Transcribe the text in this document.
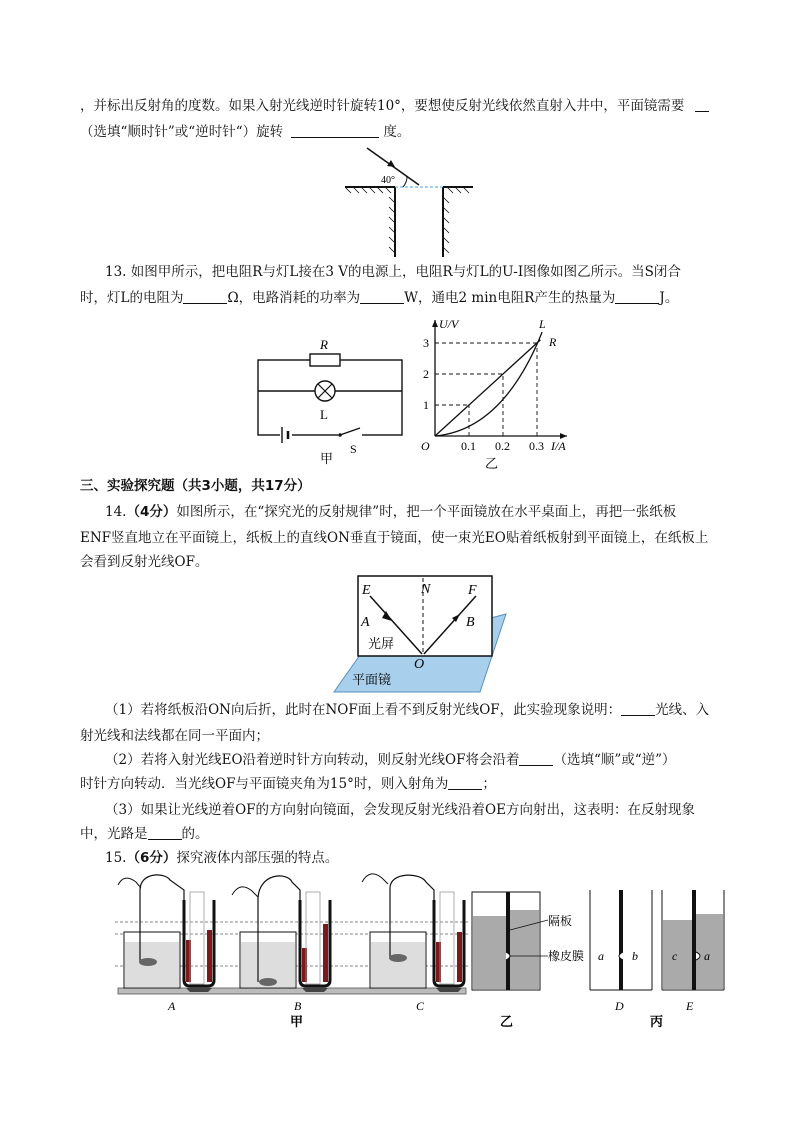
，并标出反射角的度数。如果入射光线逆时针旋转10°，要想使反射光线依然直射入井中，平面镜需要
（选填“顺时针”或“逆时针“）旋转	度。
40°
13. 如图甲所示，把电阻R与灯L接在3 V的电源上，电阻R与灯L的U-I图像如图乙所示。当S闭合
时，灯L的电阻为	Ω，电路消耗的功率为	W，通电2 min电阻R产生的热量为	J。
R
L
S
甲
I/A
U/V
O	0.1 0.2 0.3
1
2
3
L
R
乙
三、实验探究题（共3小题，共17分）
14.（4分）如图所示，在“探究光的反射规律”时，把一个平面镜放在水平桌面上，再把一张纸板
ENF竖直地立在平面镜上，纸板上的直线ON垂直于镜面，使一束光EO贴着纸板射到平面镜上，在纸板上
会看到反射光线OF。
E	N	F
A	B
光屏
O
平面镜
（1）若将纸板沿ON向后折，此时在NOF面上看不到反射光线OF，此实验现象说明：	光线、入
射光线和法线都在同一平面内；
（2）若将入射光线EO沿着逆时针方向转动，则反射光线OF将会沿着	（选填“顺”或“逆”）
时针方向转动．当光线OF与平面镜夹角为15°时，则入射角为	；
（3）如果让光线逆着OF的方向射向镜面，会发现反射光线沿着OE方向射出，这表明：在反射现象
中，光路是	的。
15.（6分）探究液体内部压强的特点。
A	B	C
甲
隔板
橡皮膜
乙
a b
D
c a
E
丙
